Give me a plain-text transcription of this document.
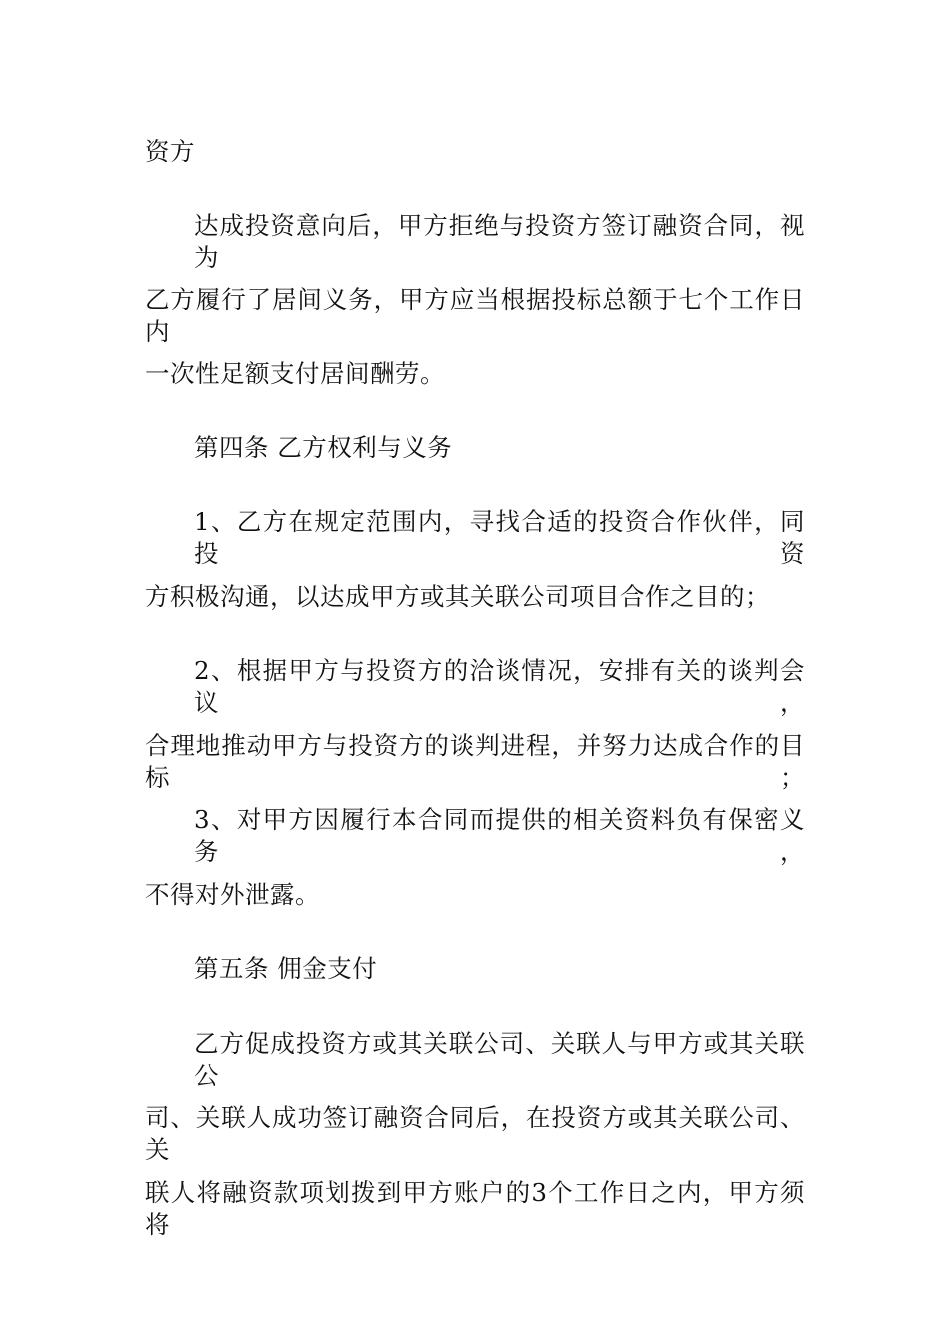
资方
达成投资意向后，甲方拒绝与投资方签订融资合同，视为
乙方履行了居间义务，甲方应当根据投标总额于七个工作日内
一次性足额支付居间酬劳。
第四条 乙方权利与义务
1、乙方在规定范围内，寻找合适的投资合作伙伴，同投资
方积极沟通，以达成甲方或其关联公司项目合作之目的；
2、根据甲方与投资方的洽谈情况，安排有关的谈判会议，
合理地推动甲方与投资方的谈判进程，并努力达成合作的目标；
3、对甲方因履行本合同而提供的相关资料负有保密义务，
不得对外泄露。
第五条 佣金支付
乙方促成投资方或其关联公司、关联人与甲方或其关联公
司、关联人成功签订融资合同后，在投资方或其关联公司、关
联人将融资款项划拨到甲方账户的3个工作日之内，甲方须将
